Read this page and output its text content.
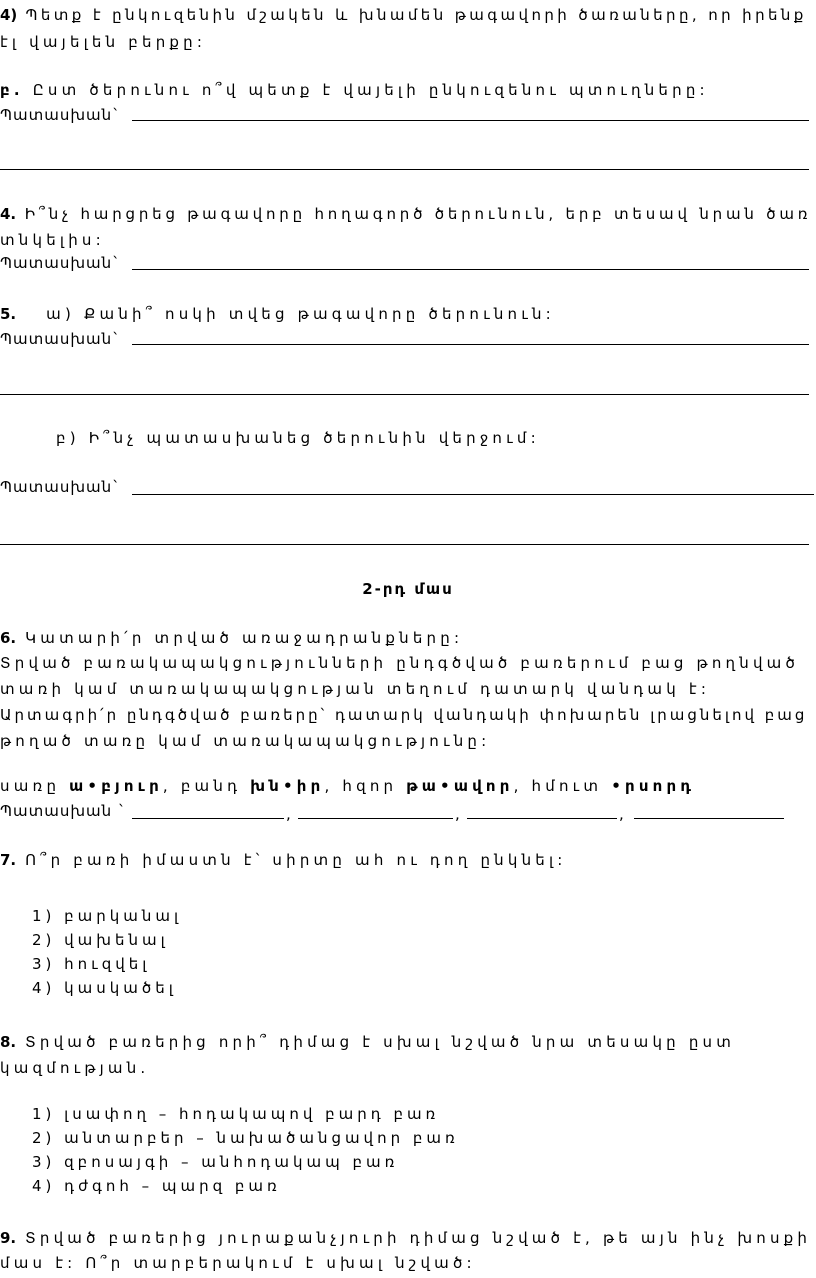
4) Պետք է ընկուզենին մշակեն և խնամեն թագավորի ծառաները, որ իրենք
էլ վայելեն բերքը:
բ. Ըստ ծերունու ո՞վ պետք է վայելի ընկուզենու պտուղները:
Պատասխան`
4. Ի՞նչ հարցրեց թագավորը հողագործ ծերունուն, երբ տեսավ նրան ծառ
տնկելիս:
Պատասխան`
5. ա) Քանի՞ ոսկի տվեց թագավորը ծերունուն:
Պատասխան`
բ) Ի՞նչ պատասխանեց ծերունին վերջում:
Պատասխան`
2-րդ մաս
6. Կատարի՛ր տրված առաջադրանքները:
Տրված բառակապակցությունների ընդգծված բառերում բաց թողնված
տառի կամ տառակապակցության տեղում դատարկ վանդակ է:
Արտագրի՛ր ընդգծված բառերը՝ դատարկ վանդակի փոխարեն լրացնելով բաց
թողած տառը կամ տառակապակցությունը:
սառը ա•բյուր, բանդ խն•իր, հզոր թա•ավոր, հմուտ •րսորդ
Պատասխան `	,	,	,
7. Ո՞ր բառի իմաստն է՝ սիրտը ահ ու դող ընկնել:
1) բարկանալ
2) վախենալ
3) հուզվել
4) կասկածել
8. Տրված բառերից որի՞ դիմաց է սխալ նշված նրա տեսակը ըստ
կազմության.
1) լսափող – հոդակապով բարդ բառ
2) անտարբեր – նախածանցավոր բառ
3) զբոսայգի – անհոդակապ բառ
4) դժգոհ – պարզ բառ
9. Տրված բառերից յուրաքանչյուրի դիմաց նշված է, թե այն ինչ խոսքի
մաս է: Ո՞ր տարբերակում է սխալ նշված:
